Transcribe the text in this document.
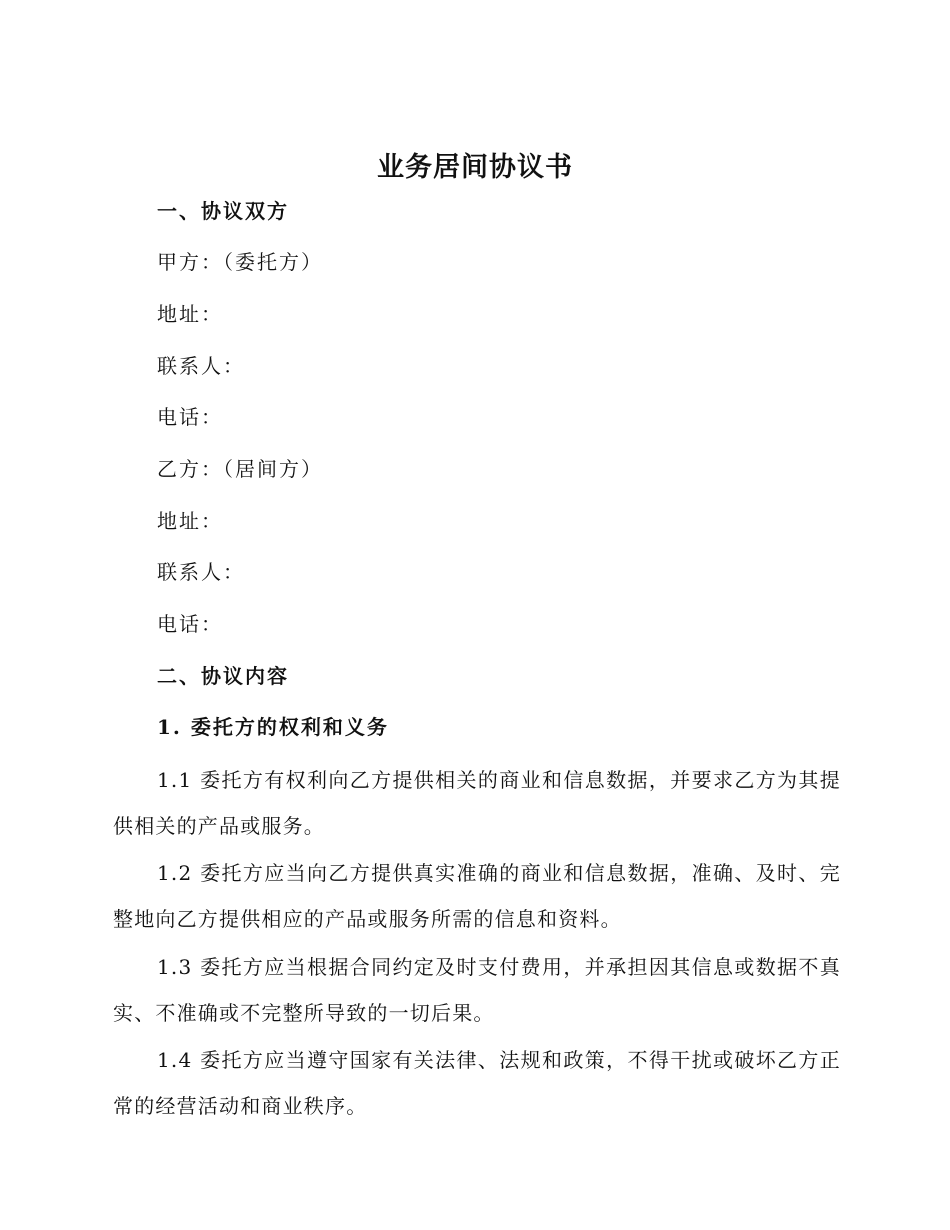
业务居间协议书

一、协议双方

甲方：（委托方）

地址：

联系人：

电话：

乙方：（居间方）

地址：

联系人：

电话：

二、协议内容

1. 委托方的权利和义务

1.1 委托方有权利向乙方提供相关的商业和信息数据，并要求乙方为其提供相关的产品或服务。

1.2 委托方应当向乙方提供真实准确的商业和信息数据，准确、及时、完整地向乙方提供相应的产品或服务所需的信息和资料。

1.3 委托方应当根据合同约定及时支付费用，并承担因其信息或数据不真实、不准确或不完整所导致的一切后果。

1.4 委托方应当遵守国家有关法律、法规和政策，不得干扰或破坏乙方正常的经营活动和商业秩序。
